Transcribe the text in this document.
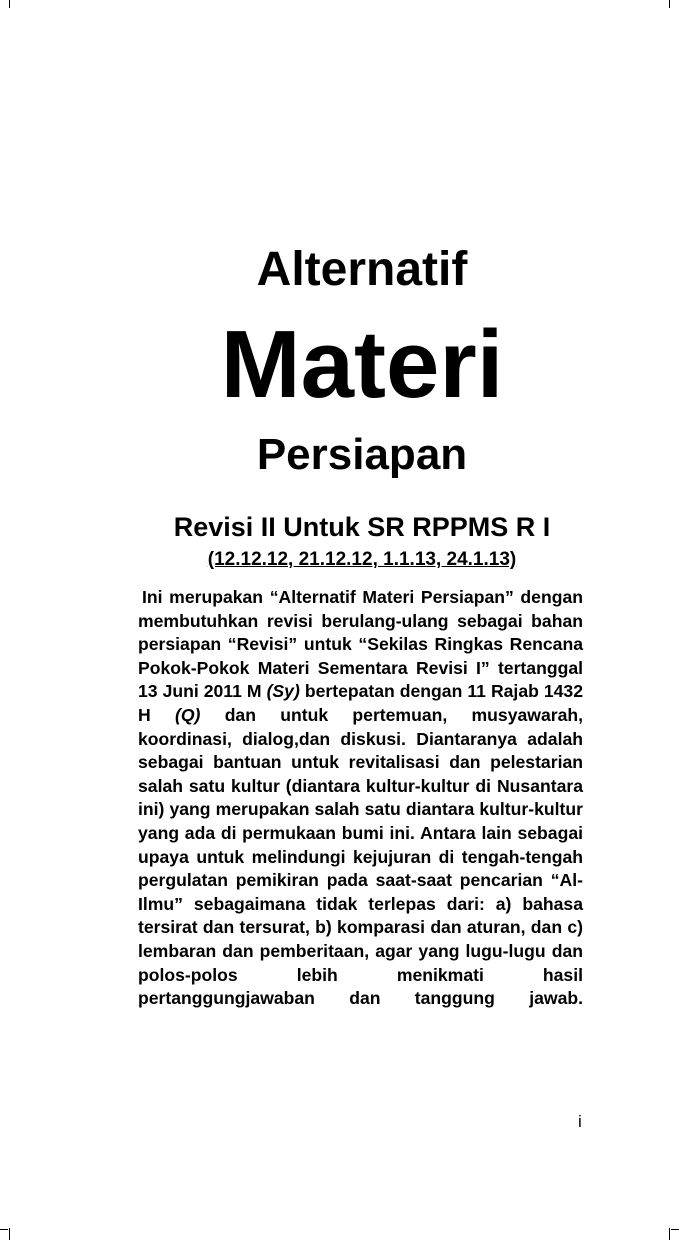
Alternatif
Materi
Persiapan
Revisi II Untuk SR RPPMS R I
(12.12.12, 21.12.12, 1.1.13, 24.1.13)
Ini merupakan “Alternatif Materi Persiapan” dengan membutuhkan revisi berulang-ulang sebagai bahan persiapan “Revisi” untuk “Sekilas Ringkas Rencana Pokok-Pokok Materi Sementara Revisi I” tertanggal 13 Juni 2011 M (Sy) bertepatan dengan 11 Rajab 1432 H (Q) dan untuk pertemuan, musyawarah, koordinasi, dialog,dan diskusi. Diantaranya adalah sebagai bantuan untuk revitalisasi dan pelestarian salah satu kultur (diantara kultur-kultur di Nusantara ini) yang merupakan salah satu diantara kultur-kultur yang ada di permukaan bumi ini. Antara lain sebagai upaya untuk melindungi kejujuran di tengah-tengah pergulatan pemikiran pada saat-saat pencarian “Al-Ilmu” sebagaimana tidak terlepas dari: a) bahasa tersirat dan tersurat, b) komparasi dan aturan, dan c) lembaran dan pemberitaan, agar yang lugu-lugu dan polos-polos lebih menikmati hasil pertanggungjawaban dan tanggung jawab.
i
